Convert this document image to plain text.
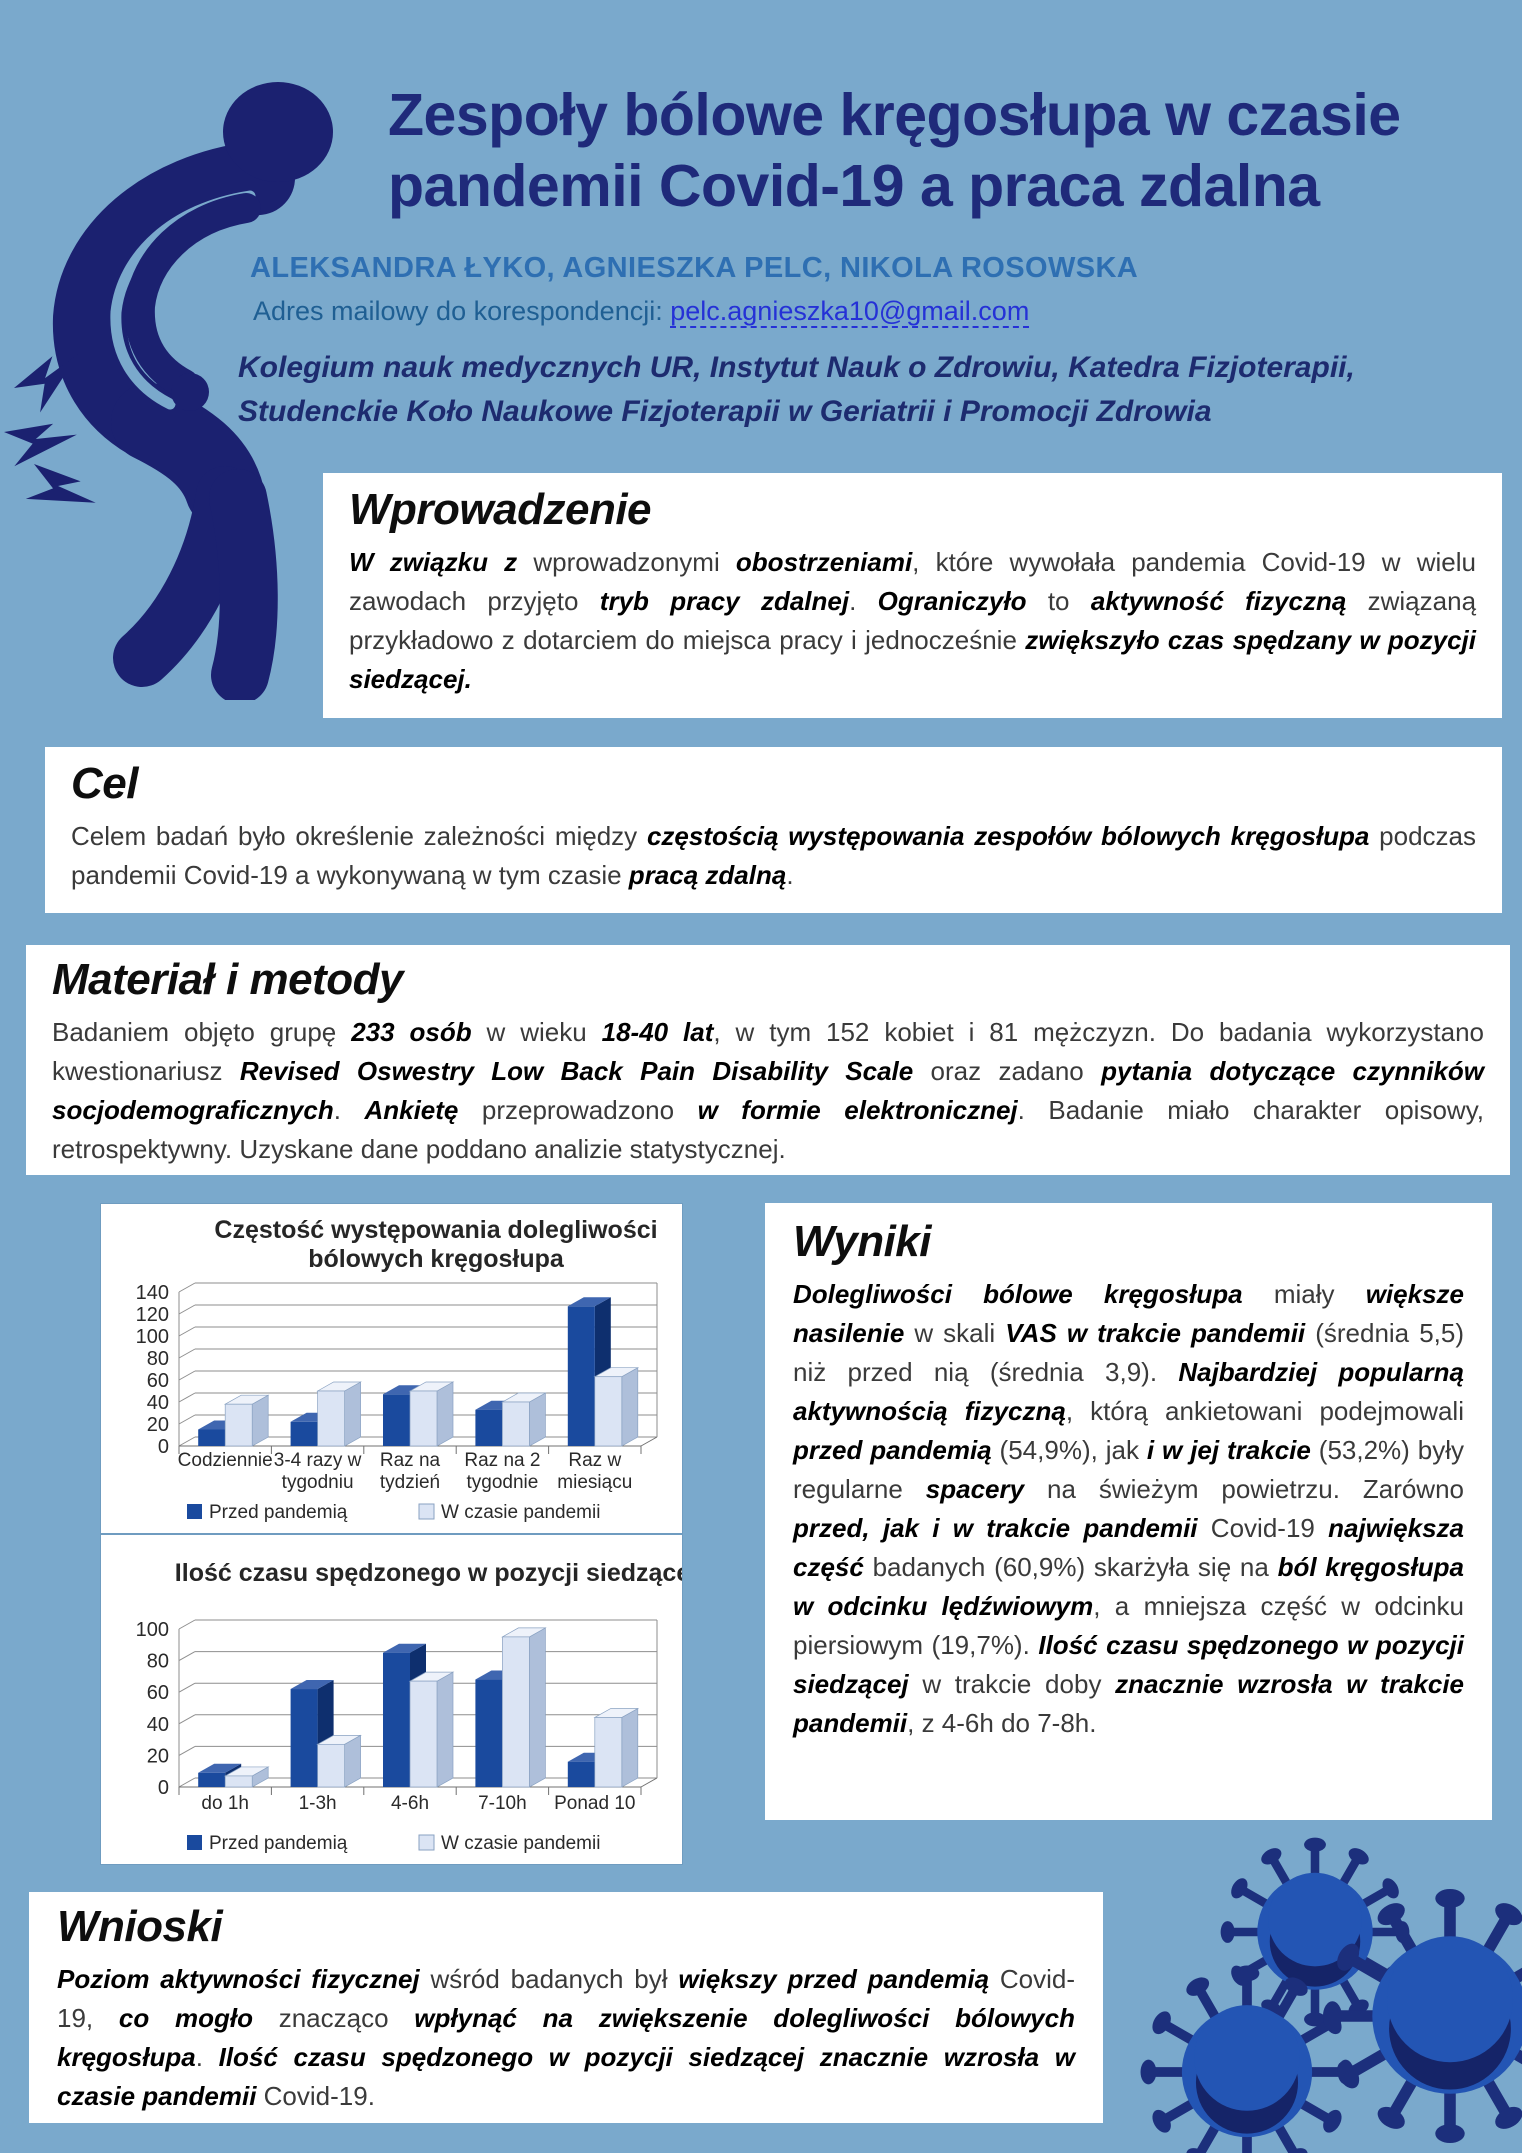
Zespoły bólowe kręgosłupa w czasie
pandemii Covid-19 a praca zdalna
ALEKSANDRA ŁYKO, AGNIESZKA PELC, NIKOLA ROSOWSKA
Adres mailowy do korespondencji: pelc.agnieszka10@gmail.com
Kolegium nauk medycznych UR, Instytut Nauk o Zdrowiu, Katedra Fizjoterapii,
Studenckie Koło Naukowe Fizjoterapii w Geriatrii i Promocji Zdrowia
Wprowadzenie

W związku z wprowadzonymi obostrzeniami, które wywołała pandemia Covid-19 w wielu zawodach przyjęto tryb pracy zdalnej. Ograniczyło to aktywność fizyczną związaną przykładowo z dotarciem do miejsca pracy i jednocześnie zwiększyło czas spędzany w pozycji siedzącej.

Cel

Celem badań było określenie zależności między częstością występowania zespołów bólowych kręgosłupa podczas pandemii Covid-19 a wykonywaną w tym czasie pracą zdalną.

Materiał i metody

Badaniem objęto grupę 233 osób w wieku 18-40 lat, w tym 152 kobiet i 81 mężczyzn. Do badania wykorzystano kwestionariusz Revised Oswestry Low Back Pain Disability Scale oraz zadano pytania dotyczące czynników socjodemograficznych. Ankietę przeprowadzono w formie elektronicznej. Badanie miało charakter opisowy, retrospektywny. Uzyskane dane poddano analizie statystycznej.

Częstość występowania dolegliwości
bólowych kręgosłupa
0
20
40
60
80
100
120
140
Codziennie 3-4 razy w
tygodniu
Raz na
tydzień
Raz na 2
tygodnie
Raz w
miesiącu
Przed pandemią	W czasie pandemii
Ilość czasu spędzonego w pozycji siedzącej
0
20
40
60
80
100
do 1h	1-3h	4-6h	7-10h Ponad 10
Przed pandemią	W czasie pandemii
Wyniki

Dolegliwości bólowe kręgosłupa miały większe nasilenie w skali VAS w trakcie pandemii (średnia 5,5) niż przed nią (średnia 3,9). Najbardziej popularną aktywnością fizyczną, którą ankietowani podejmowali przed pandemią (54,9%), jak i w jej trakcie (53,2%) były regularne spacery na świeżym powietrzu. Zarówno przed, jak i w trakcie pandemii Covid-19 największa część badanych (60,9%) skarżyła się na ból kręgosłupa w odcinku lędźwiowym, a mniejsza część w odcinku piersiowym (19,7%). Ilość czasu spędzonego w pozycji siedzącej w trakcie doby znacznie wzrosła w trakcie pandemii, z 4-6h do 7-8h.

Wnioski

Poziom aktywności fizycznej wśród badanych był większy przed pandemią Covid-19, co mogło znacząco wpłynąć na zwiększenie dolegliwości bólowych kręgosłupa. Ilość czasu spędzonego w pozycji siedzącej znacznie wzrosła w czasie pandemii Covid-19.
